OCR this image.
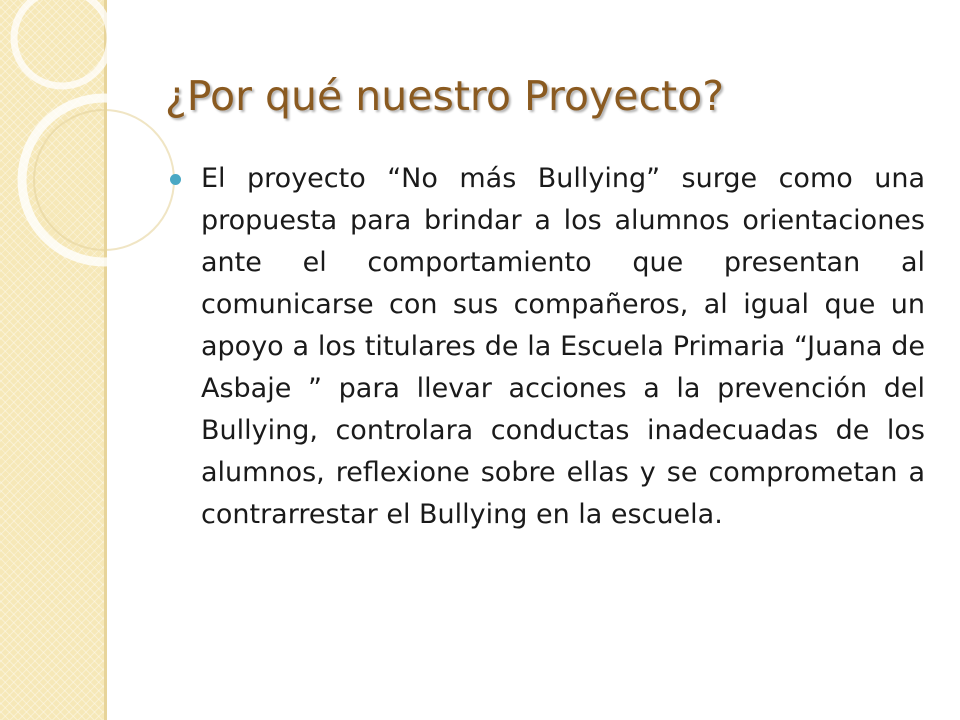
¿Por qué nuestro Proyecto?

El proyecto “No más Bullying” surge como una propuesta para brindar a los alumnos orientaciones ante el comportamiento que presentan al comunicarse con sus compañeros, al igual que un apoyo a los titulares de la Escuela Primaria “Juana de Asbaje ” para llevar acciones a la prevención del Bullying, controlara conductas inadecuadas de los alumnos, reflexione sobre ellas y se comprometan a contrarrestar el Bullying en la escuela.
